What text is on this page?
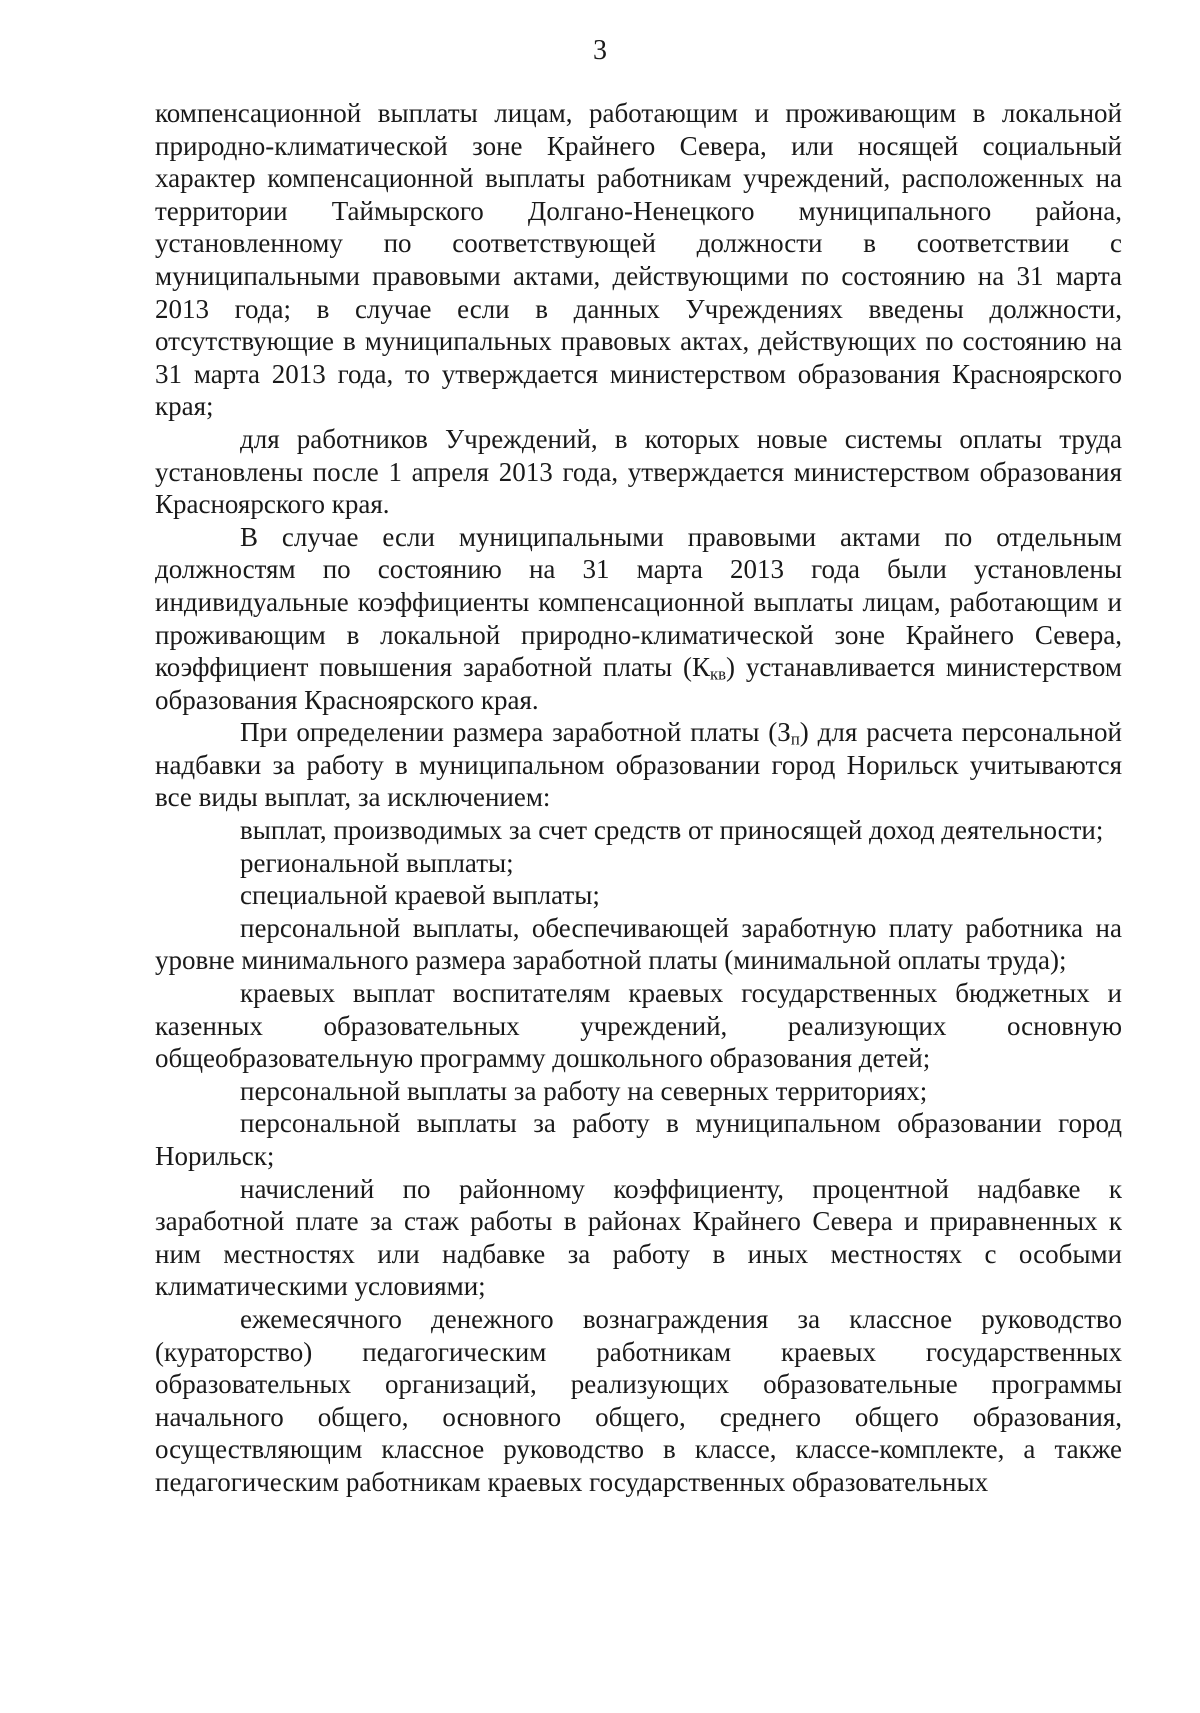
3

компенсационной выплаты лицам, работающим и проживающим в локальной природно-климатической зоне Крайнего Севера, или носящей социальный характер компенсационной выплаты работникам учреждений, расположенных на территории Таймырского Долгано-Ненецкого муниципального района, установленному по соответствующей должности в соответствии с муниципальными правовыми актами, действующими по состоянию на 31 марта 2013 года; в случае если в данных Учреждениях введены должности, отсутствующие в муниципальных правовых актах, действующих по состоянию на 31 марта 2013 года, то утверждается министерством образования Красноярского края;

для работников Учреждений, в которых новые системы оплаты труда установлены после 1 апреля 2013 года, утверждается министерством образования Красноярского края.

В случае если муниципальными правовыми актами по отдельным должностям по состоянию на 31 марта 2013 года были установлены индивидуальные коэффициенты компенсационной выплаты лицам, работающим и проживающим в локальной природно-климатической зоне Крайнего Севера, коэффициент повышения заработной платы $(К_{кв})$ устанавливается министерством образования Красноярского края.

При определении размера заработной платы $(З_п)$ для расчета персональной надбавки за работу в муниципальном образовании город Норильск учитываются все виды выплат, за исключением:

выплат, производимых за счет средств от приносящей доход деятельности;

региональной выплаты;

специальной краевой выплаты;

персональной выплаты, обеспечивающей заработную плату работника на уровне минимального размера заработной платы (минимальной оплаты труда);

краевых выплат воспитателям краевых государственных бюджетных и казенных образовательных учреждений, реализующих основную общеобразовательную программу дошкольного образования детей;

персональной выплаты за работу на северных территориях;

персональной выплаты за работу в муниципальном образовании город Норильск;

начислений по районному коэффициенту, процентной надбавке к заработной плате за стаж работы в районах Крайнего Севера и приравненных к ним местностях или надбавке за работу в иных местностях с особыми климатическими условиями;

ежемесячного денежного вознаграждения за классное руководство (кураторство) педагогическим работникам краевых государственных образовательных организаций, реализующих образовательные программы начального общего, основного общего, среднего общего образования, осуществляющим классное руководство в классе, классе-комплекте, а также педагогическим работникам краевых государственных образовательных
